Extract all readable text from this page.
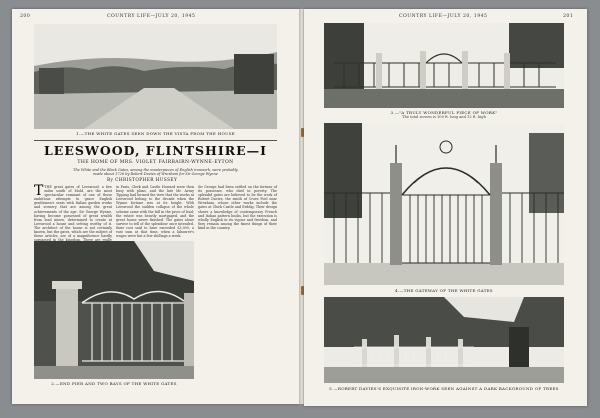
200	COUNTRY LIFE—JULY 20, 1945
1.—THE WHITE GATES SEEN DOWN THE VISTA FROM THE HOUSE
LEESWOOD, FLINTSHIRE—I
THE HOME OF MRS. VIOLET FAIRBAIRN-WYNNE-EYTON
The White and the Black Gates, among the masterpieces of English ironwork, were probably made about 1726 by Robert Davies of Wrexham for Sir George Wynne
By CHRISTOPHER HUSSEY
TTHE great gates of Leeswood, a few miles south of Mold, are the most spectacular remnant of one of those ambitious attempts to grace English gentlemen's seats with Italian garden works and scenery that are among the great achievements of the age. Sir George Wynne, having become possessed of great wealth from lead mines, determined to create at Leeswood a house and setting worthy of it. The architect of the house is not certainly known, but the gates, which are the subject of these articles, are of a magnificence hardly
in Paris, Clerk and Castle Howard were then busy with plans, and the late Mr. Avray Tipping had formed the view that the works at Leeswood belong to the decade when the Wynne fortune was at its height. With Leeswood the sudden collapse of the whole scheme came with the fall in the price of lead; the estate was heavily mortgaged, and the great house never finished. The gates alone survive to tell of the splendour once intended, their cost said to have exceeded £3,000, a vast sum at that time, when a labourer's wages were but a few shillings a week.
Sir George had been settled on the fortune of its possessor, who died in poverty. The splendid gates are believed to be the work of Robert Davies, the smith of Croes Foel near Wrexham, whose other works include the gates at Chirk Castle and Erddig. Their design shows a knowledge of contemporary French and Italian pattern books, but the execution is wholly English in its vigour and freedom, and they remain among the finest things of their kind in the country.
2.—END PIER AND TWO BAYS OF THE WHITE GATES
COUNTRY LIFE—JULY 20, 1945	201
3.—"A TRULY WONDERFUL PIECE OF WORK"
The total screen is 100 ft. long and 12 ft. high
4.—THE GATEWAY OF THE WHITE GATES
5.—ROBERT DAVIES'S EXQUISITE IRON-WORK SEEN AGAINST A DARK BACKGROUND OF TREES
